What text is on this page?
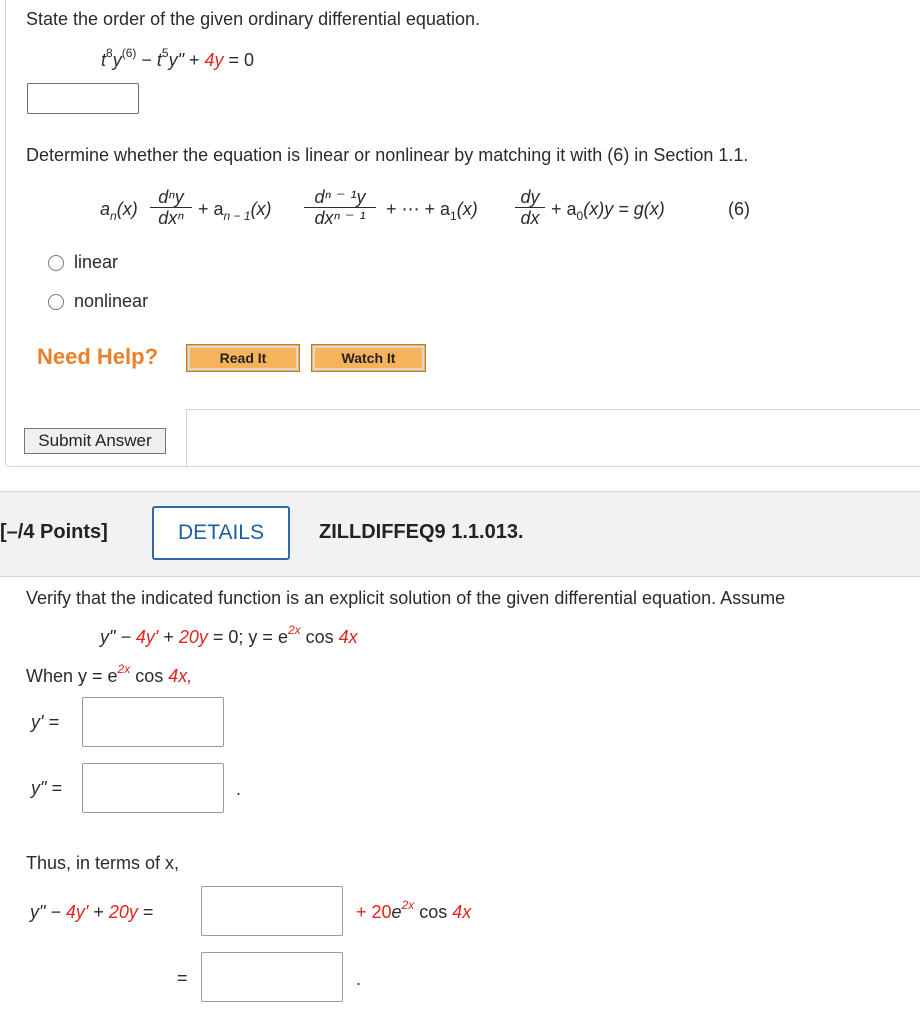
State the order of the given ordinary differential equation.
$t^8y^{(6)} - t^5y$" + 4y = 0
Determine whether the equation is linear or nonlinear by matching it with (6) in Section 1.1.
$a_n(x)$
dⁿy
$dx^n + a_{n - 1}(x)$
dⁿ ⁻ ¹y
dxⁿ ⁻ ¹	+ ⋯ + $a_1(x) \frac{dy}{dx} + a_0(x)y = g(x)$	(6)
linear
nonlinear
Need Help?	Read It	Watch It
Submit Answer
[–/4 Points]	DETAILS	ZILLDIFFEQ9 1.1.013.
Verify that the indicated function is an explicit solution of the given differential equation. Assume
y" − 4y' + 20y = 0; $y = e^{2x}$ cos 4x
When $y = e^{2x}$ cos 4x,
y' =
y" =	.
Thus, in terms of x,
y" − 4y' + 20y =	+ $20e^{2x}$ cos 4x
=	.
